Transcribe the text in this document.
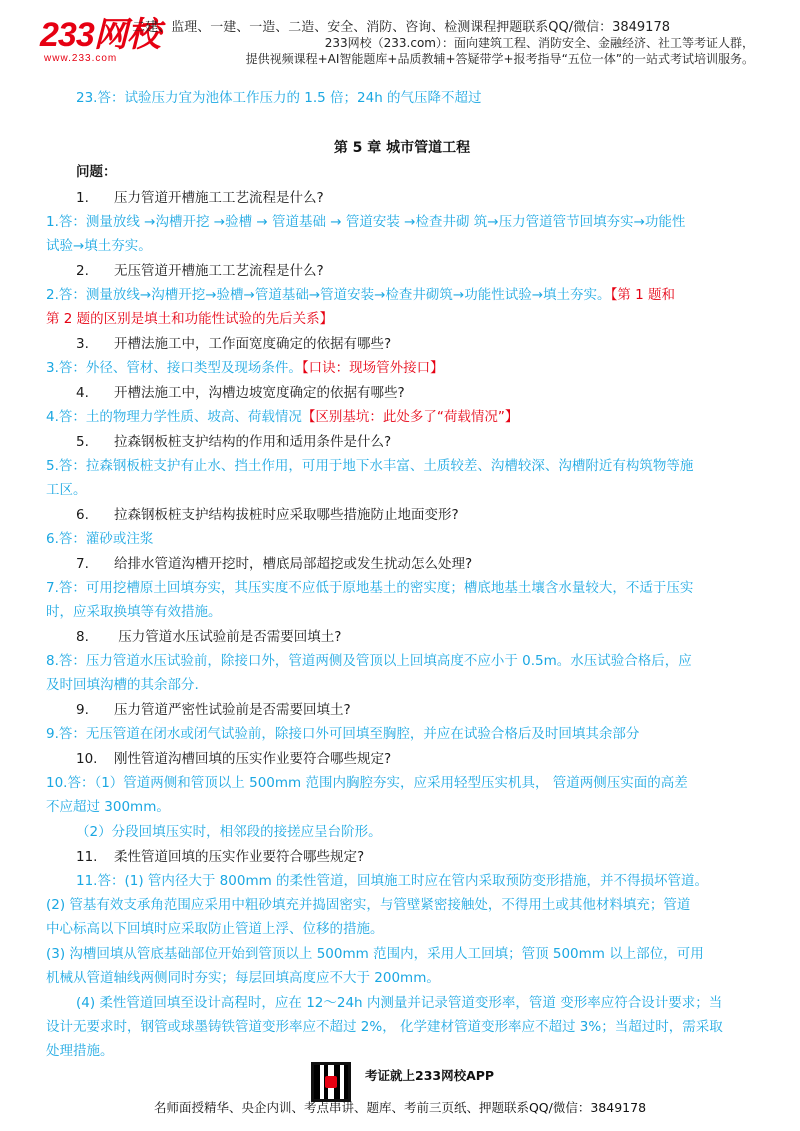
233网校
www.233.com
二建、监理、一建、一造、二造、安全、消防、咨询、检测课程押题联系QQ/微信：3849178
233网校（233.com）：面向建筑工程、消防安全、金融经济、社工等考证人群，
提供视频课程+AI智能题库+品质教辅+答疑带学+报考指导“五位一体”的一站式考试培训服务。
23.答：试验压力宜为池体工作压力的 1.5 倍；24h 的气压降不超过
第 5 章 城市管道工程
问题：
1. 压力管道开槽施工工艺流程是什么?
1.答：测量放线 →沟槽开挖 →验槽 → 管道基础 → 管道安装 →检查井砌 筑→压力管道管节回填夯实→功能性
试验→填土夯实。
2. 无压管道开槽施工工艺流程是什么?
2.答：测量放线→沟槽开挖→验槽→管道基础→管道安装→检查井砌筑→功能性试验→填土夯实。【第 1 题和
第 2 题的区别是填土和功能性试验的先后关系】
3. 开槽法施工中，工作面宽度确定的依据有哪些?
3.答：外径、管材、接口类型及现场条件。【口诀：现场管外接口】
4. 开槽法施工中，沟槽边坡宽度确定的依据有哪些?
4.答：土的物理力学性质、坡高、荷载情况【区别基坑：此处多了“荷载情况”】
5. 拉森钢板桩支护结构的作用和适用条件是什么?
5.答：拉森钢板桩支护有止水、挡土作用，可用于地下水丰富、土质较差、沟槽较深、沟槽附近有构筑物等施
工区。
6. 拉森钢板桩支护结构拔桩时应采取哪些措施防止地面变形?
6.答：灌砂或注浆
7. 给排水管道沟槽开挖时，槽底局部超挖或发生扰动怎么处理?
7.答：可用挖槽原土回填夯实，其压实度不应低于原地基土的密实度；槽底地基土壤含水量较大，不适于压实
时，应采取换填等有效措施。
8. 压力管道水压试验前是否需要回填土?
8.答：压力管道水压试验前，除接口外，管道两侧及管顶以上回填高度不应小于 0.5m。水压试验合格后，应
及时回填沟槽的其余部分.
9. 压力管道严密性试验前是否需要回填土?
9.答：无压管道在闭水或闭气试验前，除接口外可回填至胸腔，并应在试验合格后及时回填其余部分
10. 刚性管道沟槽回填的压实作业要符合哪些规定?
10.答：（1）管道两侧和管顶以上 500mm 范围内胸腔夯实，应采用轻型压实机具， 管道两侧压实面的高差
不应超过 300mm。
（2）分段回填压实时，相邻段的接搓应呈台阶形。
11. 柔性管道回填的压实作业要符合哪些规定?
11.答：(1) 管内径大于 800mm 的柔性管道，回填施工时应在管内采取预防变形措施，并不得损坏管道。
(2) 管基有效支承角范围应采用中粗砂填充并捣固密实，与管壁紧密接触处，不得用土或其他材料填充；管道
中心标高以下回填时应采取防止管道上浮、位移的措施。
(3) 沟槽回填从管底基础部位开始到管顶以上 500mm 范围内，采用人工回填；管顶 500mm 以上部位，可用
机械从管道轴线两侧同时夯实；每层回填高度应不大于 200mm。
(4) 柔性管道回填至设计高程时，应在 12～24h 内测量并记录管道变形率，管道 变形率应符合设计要求；当
设计无要求时，钢管或球墨铸铁管道变形率应不超过 2%， 化学建材管道变形率应不超过 3%；当超过时，需采取
处理措施。
考证就上233网校APP
名师面授精华、央企内训、考点串讲、题库、考前三页纸、押题联系QQ/微信：3849178
